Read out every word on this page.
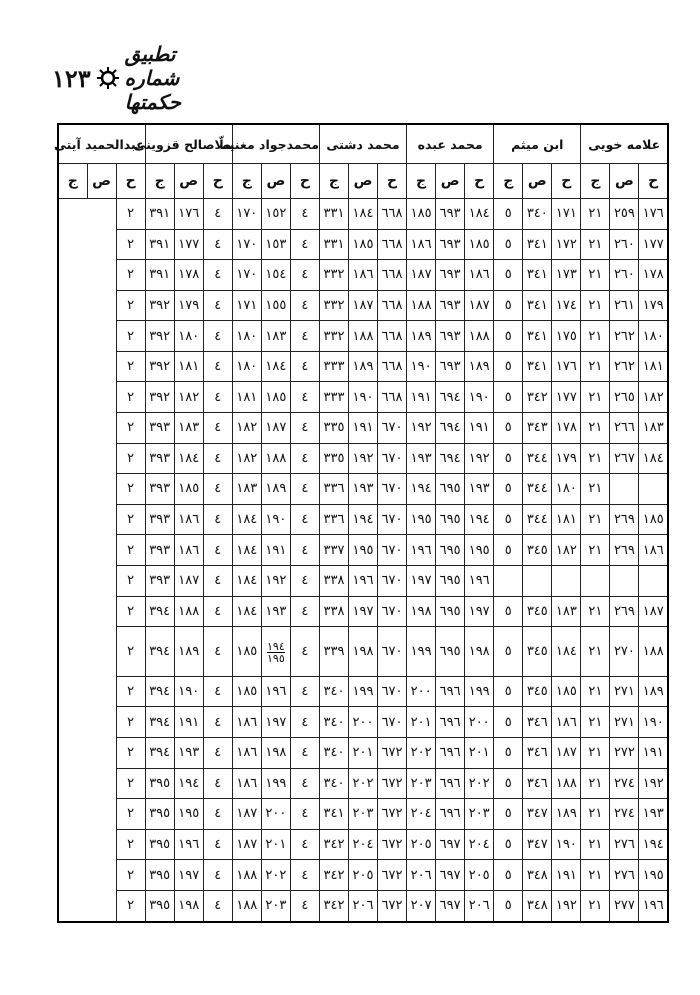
١٢٣
تطبيق شماره حكمتها
علامه خويى			ابن ميثم			محمد عبده			محمد دشتى			محمدجواد مغنيه			ملّاصالح قزوينى			عبدالحميد آيتى		
ح	ص	ج	ح	ص	ج	ح	ص	ج	ح	ص	ج	ح	ص	ج	ح	ص	ج	ح	ص	ج
١٧٦	٢٥٩	٢١	١٧١	٣٤٠	٥	١٨٤	٦٩٣	١٨٥	٦٦٨	١٨٤	٣٣١	٤	١٥٢	١٧٠	٤	١٧٦	٣٩١	٢		
١٧٧	٢٦٠	٢١	١٧٢	٣٤١	٥	١٨٥	٦٩٣	١٨٦	٦٦٨	١٨٥	٣٣١	٤	١٥٣	١٧٠	٤	١٧٧	٣٩١	٢		
١٧٨	٢٦٠	٢١	١٧٣	٣٤١	٥	١٨٦	٦٩٣	١٨٧	٦٦٨	١٨٦	٣٣٢	٤	١٥٤	١٧٠	٤	١٧٨	٣٩١	٢		
١٧٩	٢٦١	٢١	١٧٤	٣٤١	٥	١٨٧	٦٩٣	١٨٨	٦٦٨	١٨٧	٣٣٢	٤	١٥٥	١٧١	٤	١٧٩	٣٩٢	٢		
١٨٠	٢٦٢	٢١	١٧٥	٣٤١	٥	١٨٨	٦٩٣	١٨٩	٦٦٨	١٨٨	٣٣٢	٤	١٨٣	١٨٠	٤	١٨٠	٣٩٢	٢		
١٨١	٢٦٢	٢١	١٧٦	٣٤١	٥	١٨٩	٦٩٣	١٩٠	٦٦٨	١٨٩	٣٣٣	٤	١٨٤	١٨٠	٤	١٨١	٣٩٢	٢		
١٨٢	٢٦٥	٢١	١٧٧	٣٤٢	٥	١٩٠	٦٩٤	١٩١	٦٦٨	١٩٠	٣٣٣	٤	١٨٥	١٨١	٤	١٨٢	٣٩٢	٢		
١٨٣	٢٦٦	٢١	١٧٨	٣٤٣	٥	١٩١	٦٩٤	١٩٢	٦٧٠	١٩١	٣٣٥	٤	١٨٧	١٨٢	٤	١٨٣	٣٩٣	٢		
١٨٤	٢٦٧	٢١	١٧٩	٣٤٤	٥	١٩٢	٦٩٤	١٩٣	٦٧٠	١٩٢	٣٣٥	٤	١٨٨	١٨٢	٤	١٨٤	٣٩٣	٢		
		٢١	١٨٠	٣٤٤	٥	١٩٣	٦٩٥	١٩٤	٦٧٠	١٩٣	٣٣٦	٤	١٨٩	١٨٣	٤	١٨٥	٣٩٣	٢		
١٨٥	٢٦٩	٢١	١٨١	٣٤٤	٥	١٩٤	٦٩٥	١٩٥	٦٧٠	١٩٤	٣٣٦	٤	١٩٠	١٨٤	٤	١٨٦	٣٩٣	٢		
١٨٦	٢٦٩	٢١	١٨٢	٣٤٥	٥	١٩٥	٦٩٥	١٩٦	٦٧٠	١٩٥	٣٣٧	٤	١٩١	١٨٤	٤	١٨٦	٣٩٣	٢		
						١٩٦	٦٩٥	١٩٧	٦٧٠	١٩٦	٣٣٨	٤	١٩٢	١٨٤	٤	١٨٧	٣٩٣	٢		
١٨٧	٢٦٩	٢١	١٨٣	٣٤٥	٥	١٩٧	٦٩٥	١٩٨	٦٧٠	١٩٧	٣٣٨	٤	١٩٣	١٨٤	٤	١٨٨	٣٩٤	٢		
١٨٨	٢٧٠	٢١	١٨٤	٣٤٥	٥	١٩٨	٦٩٥	١٩٩	٦٧٠	١٩٨	٣٣٩	٤	$\frac{١٩٤}{١٩٥}$	١٨٥	٤	١٨٩	٣٩٤	٢		
١٨٩	٢٧١	٢١	١٨٥	٣٤٥	٥	١٩٩	٦٩٦	٢٠٠	٦٧٠	١٩٩	٣٤٠	٤	١٩٦	١٨٥	٤	١٩٠	٣٩٤	٢		
١٩٠	٢٧١	٢١	١٨٦	٣٤٦	٥	٢٠٠	٦٩٦	٢٠١	٦٧٠	٢٠٠	٣٤٠	٤	١٩٧	١٨٦	٤	١٩١	٣٩٤	٢		
١٩١	٢٧٢	٢١	١٨٧	٣٤٦	٥	٢٠١	٦٩٦	٢٠٢	٦٧٢	٢٠١	٣٤٠	٤	١٩٨	١٨٦	٤	١٩٣	٣٩٤	٢		
١٩٢	٢٧٤	٢١	١٨٨	٣٤٦	٥	٢٠٢	٦٩٦	٢٠٣	٦٧٢	٢٠٢	٣٤٠	٤	١٩٩	١٨٦	٤	١٩٤	٣٩٥	٢		
١٩٣	٢٧٤	٢١	١٨٩	٣٤٧	٥	٢٠٣	٦٩٦	٢٠٤	٦٧٢	٢٠٣	٣٤١	٤	٢٠٠	١٨٧	٤	١٩٥	٣٩٥	٢		
١٩٤	٢٧٦	٢١	١٩٠	٣٤٧	٥	٢٠٤	٦٩٧	٢٠٥	٦٧٢	٢٠٤	٣٤٢	٤	٢٠١	١٨٧	٤	١٩٦	٣٩٥	٢		
١٩٥	٢٧٦	٢١	١٩١	٣٤٨	٥	٢٠٥	٦٩٧	٢٠٦	٦٧٢	٢٠٥	٣٤٢	٤	٢٠٢	١٨٨	٤	١٩٧	٣٩٥	٢		
١٩٦	٢٧٧	٢١	١٩٢	٣٤٨	٥	٢٠٦	٦٩٧	٢٠٧	٦٧٢	٢٠٦	٣٤٢	٤	٢٠٣	١٨٨	٤	١٩٨	٣٩٥	٢		
